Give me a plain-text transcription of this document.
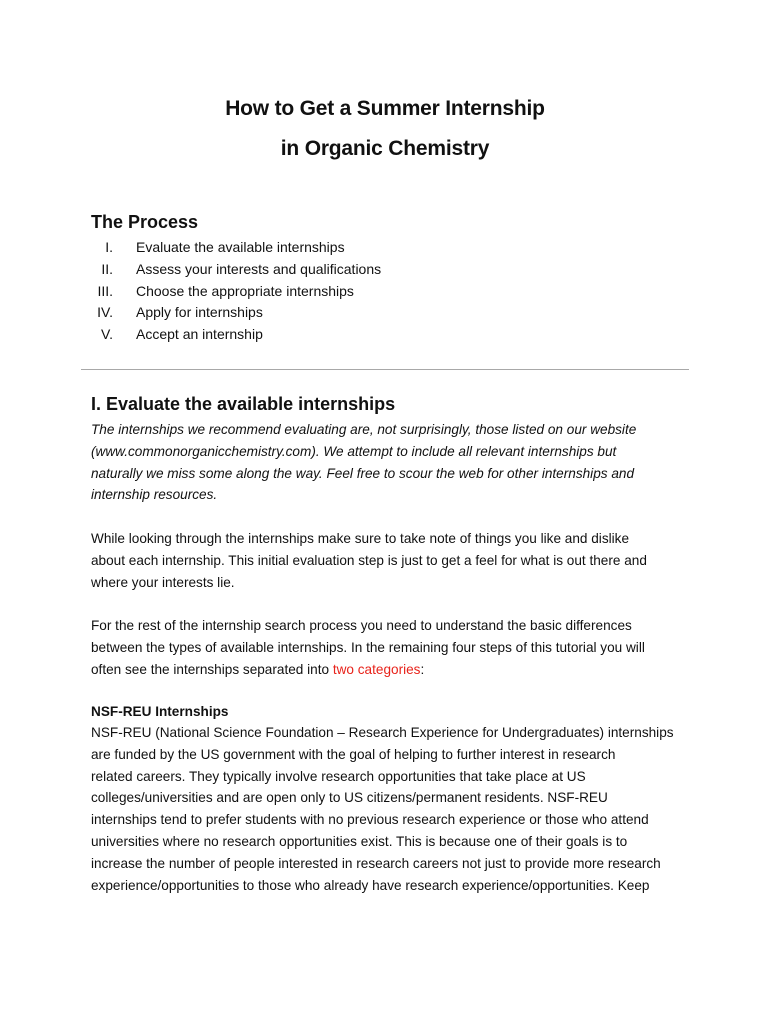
How to Get a Summer Internship
in Organic Chemistry
The Process
I. Evaluate the available internships
II. Assess your interests and qualifications
III. Choose the appropriate internships
IV. Apply for internships
V. Accept an internship
I. Evaluate the available internships
The internships we recommend evaluating are, not surprisingly, those listed on our website
(www.commonorganicchemistry.com). We attempt to include all relevant internships but
naturally we miss some along the way. Feel free to scour the web for other internships and
internship resources.
While looking through the internships make sure to take note of things you like and dislike
about each internship. This initial evaluation step is just to get a feel for what is out there and
where your interests lie.
For the rest of the internship search process you need to understand the basic differences
between the types of available internships. In the remaining four steps of this tutorial you will
often see the internships separated into two categories:
NSF-REU Internships
NSF-REU (National Science Foundation – Research Experience for Undergraduates) internships
are funded by the US government with the goal of helping to further interest in research
related careers. They typically involve research opportunities that take place at US
colleges/universities and are open only to US citizens/permanent residents. NSF-REU
internships tend to prefer students with no previous research experience or those who attend
universities where no research opportunities exist. This is because one of their goals is to
increase the number of people interested in research careers not just to provide more research
experience/opportunities to those who already have research experience/opportunities. Keep
